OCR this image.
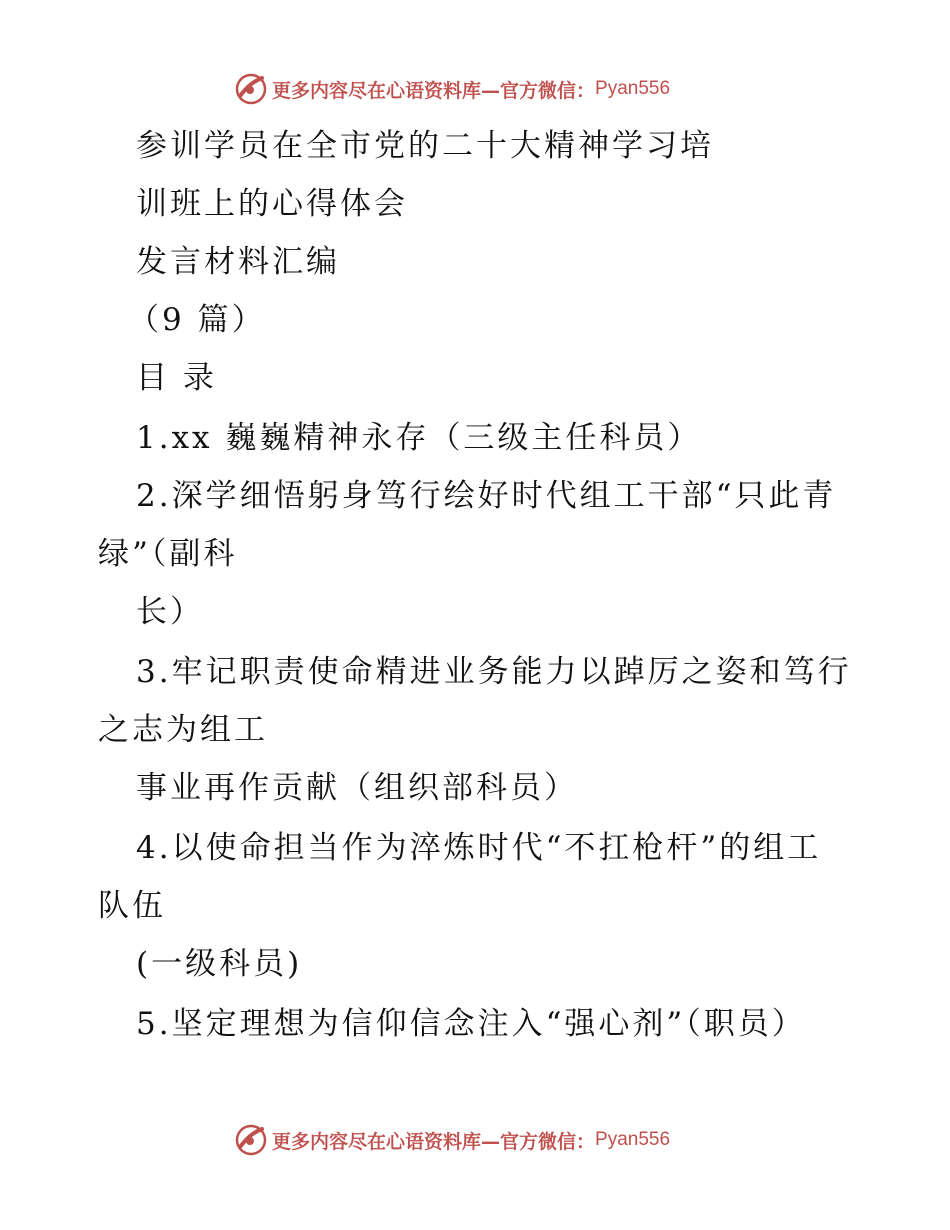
更多内容尽在心语资料库—官方微信： Pyan556
参训学员在全市党的二十大精神学习培
训班上的心得体会
发言材料汇编
（9 篇）
目 录
1.xx 巍巍精神永存（三级主任科员）
2.深学细悟躬身笃行绘好时代组工干部“只此青
绿”（副科
长）
3.牢记职责使命精进业务能力以踔厉之姿和笃行
之志为组工
事业再作贡献（组织部科员）
4.以使命担当作为淬炼时代“不扛枪杆”的组工
队伍
(一级科员)
5.坚定理想为信仰信念注入“强心剂”（职员）
更多内容尽在心语资料库—官方微信： Pyan556
